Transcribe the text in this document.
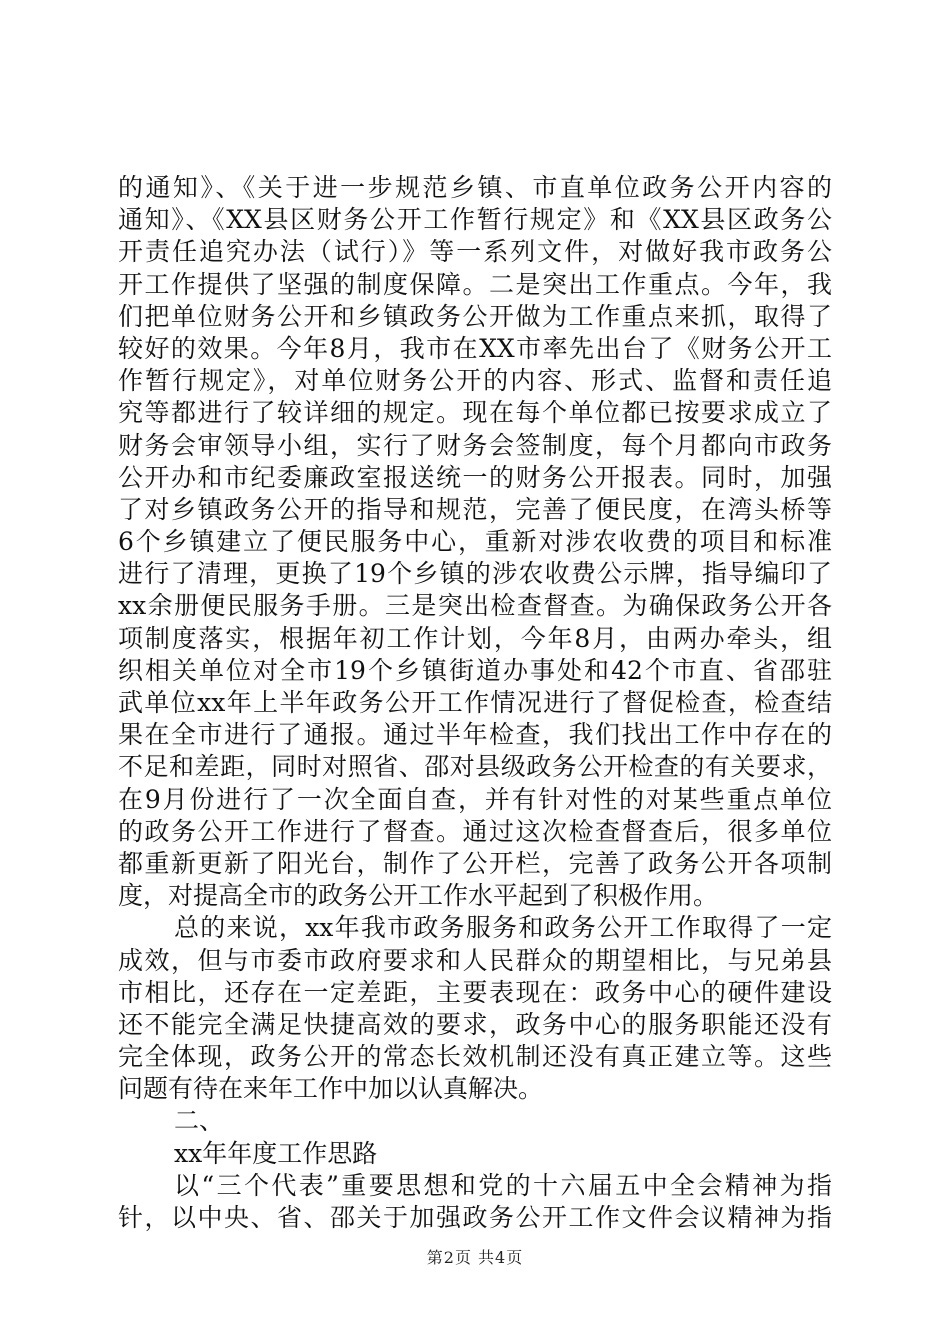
的通知》、《关于进一步规范乡镇、市直单位政务公开内容的
通知》、《XX县区财务公开工作暂行规定》和《XX县区政务公
开责任追究办法（试行）》等一系列文件，对做好我市政务公
开工作提供了坚强的制度保障。二是突出工作重点。今年，我
们把单位财务公开和乡镇政务公开做为工作重点来抓，取得了
较好的效果。今年8月，我市在XX市率先出台了《财务公开工
作暂行规定》，对单位财务公开的内容、形式、监督和责任追
究等都进行了较详细的规定。现在每个单位都已按要求成立了
财务会审领导小组，实行了财务会签制度，每个月都向市政务
公开办和市纪委廉政室报送统一的财务公开报表。同时，加强
了对乡镇政务公开的指导和规范，完善了便民度，在湾头桥等
6个乡镇建立了便民服务中心，重新对涉农收费的项目和标准
进行了清理，更换了19个乡镇的涉农收费公示牌，指导编印了
xx余册便民服务手册。三是突出检查督查。为确保政务公开各
项制度落实，根据年初工作计划，今年8月，由两办牵头，组
织相关单位对全市19个乡镇街道办事处和42个市直、省邵驻
武单位xx年上半年政务公开工作情况进行了督促检查，检查结
果在全市进行了通报。通过半年检查，我们找出工作中存在的
不足和差距，同时对照省、邵对县级政务公开检查的有关要求，
在9月份进行了一次全面自查，并有针对性的对某些重点单位
的政务公开工作进行了督查。通过这次检查督查后，很多单位
都重新更新了阳光台，制作了公开栏，完善了政务公开各项制
度，对提高全市的政务公开工作水平起到了积极作用。
总的来说，xx年我市政务服务和政务公开工作取得了一定
成效，但与市委市政府要求和人民群众的期望相比，与兄弟县
市相比，还存在一定差距，主要表现在：政务中心的硬件建设
还不能完全满足快捷高效的要求，政务中心的服务职能还没有
完全体现，政务公开的常态长效机制还没有真正建立等。这些
问题有待在来年工作中加以认真解决。
二、
xx年年度工作思路
以“三个代表”重要思想和党的十六届五中全会精神为指
针，以中央、省、邵关于加强政务公开工作文件会议精神为指
第2页 共4页
